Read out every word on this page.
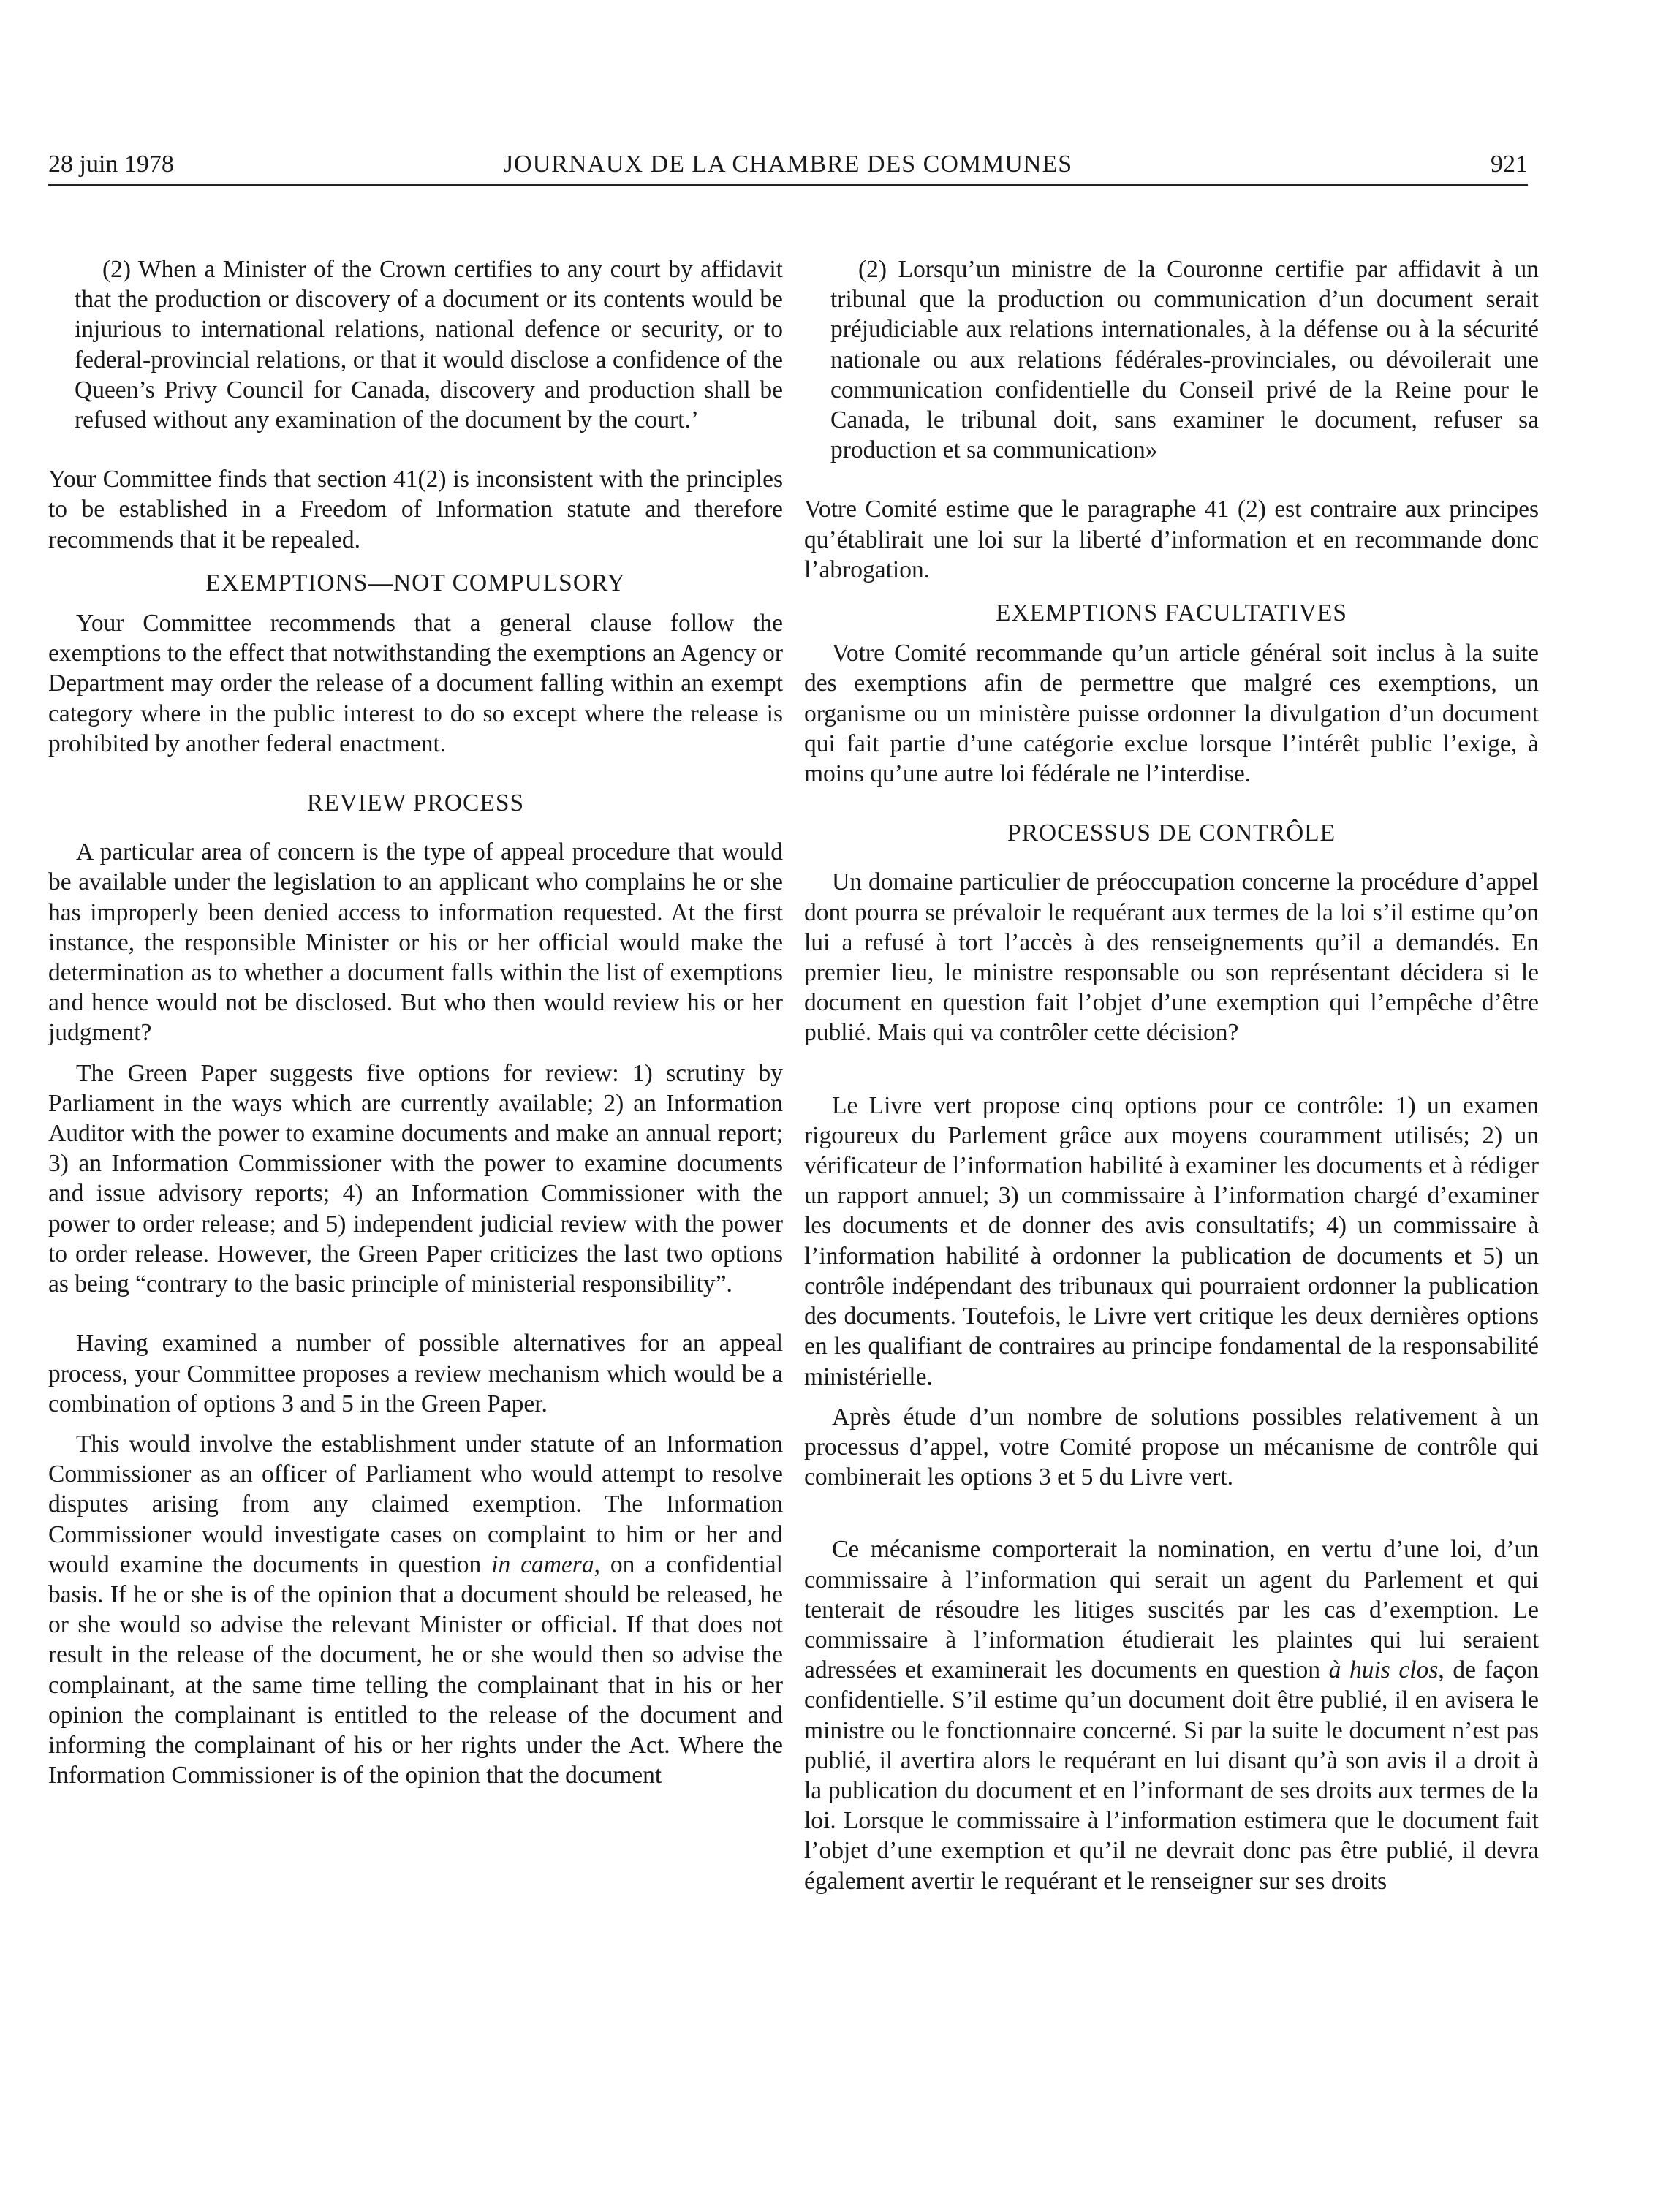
28 juin 1978	JOURNAUX DE LA CHAMBRE DES COMMUNES	921

(2) When a Minister of the Crown certifies to any court by affidavit that the production or discovery of a document or its contents would be injurious to international relations, national defence or security, or to federal-provincial relations, or that it would disclose a confidence of the Queen’s Privy Council for Canada, discovery and production shall be refused without any examination of the document by the court.’

Your Committee finds that section 41(2) is inconsistent with the principles to be established in a Freedom of Information statute and therefore recommends that it be repealed.

EXEMPTIONS—NOT COMPULSORY

Your Committee recommends that a general clause follow the exemptions to the effect that notwithstanding the exemptions an Agency or Department may order the release of a document falling within an exempt category where in the public interest to do so except where the release is prohibited by another federal enactment.

REVIEW PROCESS

A particular area of concern is the type of appeal procedure that would be available under the legislation to an applicant who complains he or she has improperly been denied access to information requested. At the first instance, the responsible Minister or his or her official would make the determination as to whether a document falls within the list of exemptions and hence would not be disclosed. But who then would review his or her judgment?

The Green Paper suggests five options for review: 1) scrutiny by Parliament in the ways which are currently available; 2) an Information Auditor with the power to examine documents and make an annual report; 3) an Information Commissioner with the power to examine documents and issue advisory reports; 4) an Information Commissioner with the power to order release; and 5) independent judicial review with the power to order release. However, the Green Paper criticizes the last two options as being “contrary to the basic principle of ministerial responsibility”.

Having examined a number of possible alternatives for an appeal process, your Committee proposes a review mechanism which would be a combination of options 3 and 5 in the Green Paper.

This would involve the establishment under statute of an Information Commissioner as an officer of Parliament who would attempt to resolve disputes arising from any claimed exemption. The Information Commissioner would investigate cases on complaint to him or her and would examine the documents in question in camera, on a confidential basis. If he or she is of the opinion that a document should be released, he or she would so advise the relevant Minister or official. If that does not result in the release of the document, he or she would then so advise the complainant, at the same time telling the complainant that in his or her opinion the complainant is entitled to the release of the document and informing the complainant of his or her rights under the Act. Where the Information Commissioner is of the opinion that the document

(2) Lorsqu’un ministre de la Couronne certifie par affidavit à un tribunal que la production ou communication d’un document serait préjudiciable aux relations internationales, à la défense ou à la sécurité nationale ou aux relations fédérales-provinciales, ou dévoilerait une communication confidentielle du Conseil privé de la Reine pour le Canada, le tribunal doit, sans examiner le document, refuser sa production et sa communication»

Votre Comité estime que le paragraphe 41 (2) est contraire aux principes qu’établirait une loi sur la liberté d’information et en recommande donc l’abrogation.

EXEMPTIONS FACULTATIVES

Votre Comité recommande qu’un article général soit inclus à la suite des exemptions afin de permettre que malgré ces exemptions, un organisme ou un ministère puisse ordonner la divulgation d’un document qui fait partie d’une catégorie exclue lorsque l’intérêt public l’exige, à moins qu’une autre loi fédérale ne l’interdise.

PROCESSUS DE CONTRÔLE

Un domaine particulier de préoccupation concerne la procédure d’appel dont pourra se prévaloir le requérant aux termes de la loi s’il estime qu’on lui a refusé à tort l’accès à des renseignements qu’il a demandés. En premier lieu, le ministre responsable ou son représentant décidera si le document en question fait l’objet d’une exemption qui l’empêche d’être publié. Mais qui va contrôler cette décision?

Le Livre vert propose cinq options pour ce contrôle: 1) un examen rigoureux du Parlement grâce aux moyens couramment utilisés; 2) un vérificateur de l’information habilité à examiner les documents et à rédiger un rapport annuel; 3) un commissaire à l’information chargé d’examiner les documents et de donner des avis consultatifs; 4) un commissaire à l’information habilité à ordonner la publication de documents et 5) un contrôle indépendant des tribunaux qui pourraient ordonner la publication des documents. Toutefois, le Livre vert critique les deux dernières options en les qualifiant de contraires au principe fondamental de la responsabilité ministérielle.

Après étude d’un nombre de solutions possibles relativement à un processus d’appel, votre Comité propose un mécanisme de contrôle qui combinerait les options 3 et 5 du Livre vert.

Ce mécanisme comporterait la nomination, en vertu d’une loi, d’un commissaire à l’information qui serait un agent du Parlement et qui tenterait de résoudre les litiges suscités par les cas d’exemption. Le commissaire à l’information étudierait les plaintes qui lui seraient adressées et examinerait les documents en question à huis clos, de façon confidentielle. S’il estime qu’un document doit être publié, il en avisera le ministre ou le fonctionnaire concerné. Si par la suite le document n’est pas publié, il avertira alors le requérant en lui disant qu’à son avis il a droit à la publication du document et en l’informant de ses droits aux termes de la loi. Lorsque le commissaire à l’information estimera que le document fait l’objet d’une exemption et qu’il ne devrait donc pas être publié, il devra également avertir le requérant et le renseigner sur ses droits
